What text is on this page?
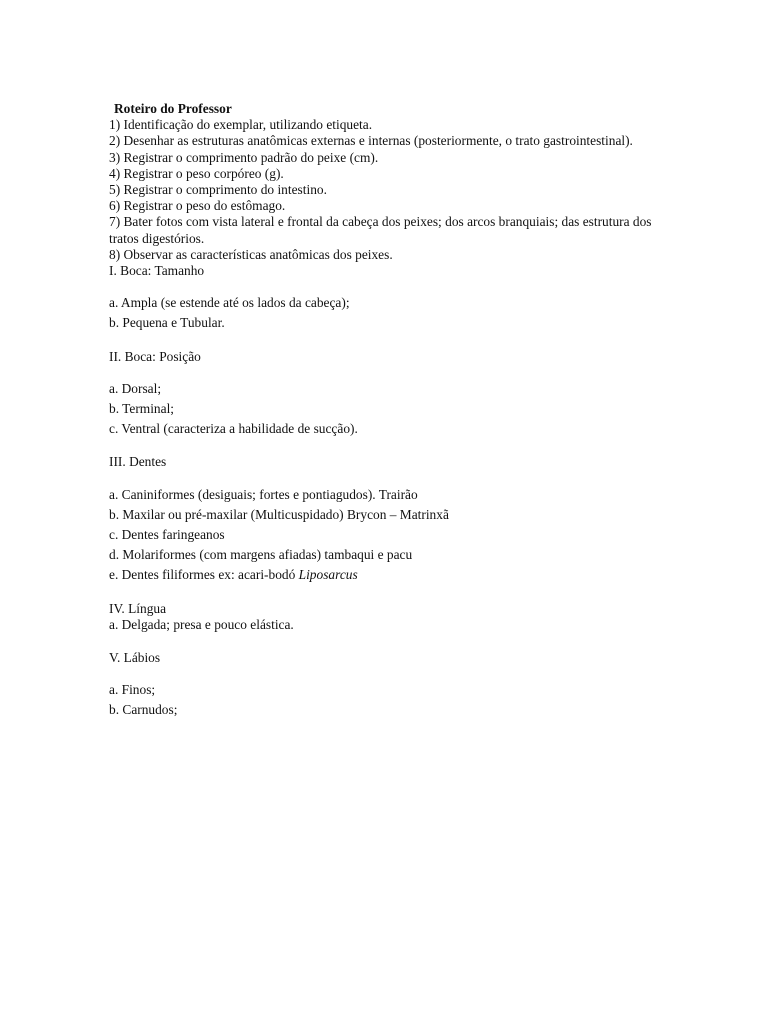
Roteiro do Professor
1) Identificação do exemplar, utilizando etiqueta.
2) Desenhar as estruturas anatômicas externas e internas (posteriormente, o trato gastrointestinal).
3) Registrar o comprimento padrão do peixe (cm).
4) Registrar o peso corpóreo (g).
5) Registrar o comprimento do intestino.
6) Registrar o peso do estômago.
7) Bater fotos com vista lateral e frontal da cabeça dos peixes; dos arcos branquiais; das estrutura dos tratos digestórios.
8) Observar as características anatômicas dos peixes.
I. Boca: Tamanho
a. Ampla (se estende até os lados da cabeça);
b. Pequena e Tubular.
II. Boca: Posição
a. Dorsal;
b. Terminal;
c. Ventral (caracteriza a habilidade de sucção).
III. Dentes
a. Caniniformes (desiguais; fortes e pontiagudos). Trairão
b. Maxilar ou pré-maxilar (Multicuspidado) Brycon – Matrinxã
c. Dentes faringeanos
d. Molariformes (com margens afiadas) tambaqui e pacu
e. Dentes filiformes ex: acari-bodó Liposarcus
IV. Língua
a. Delgada; presa e pouco elástica.
V. Lábios
a. Finos;
b. Carnudos;
